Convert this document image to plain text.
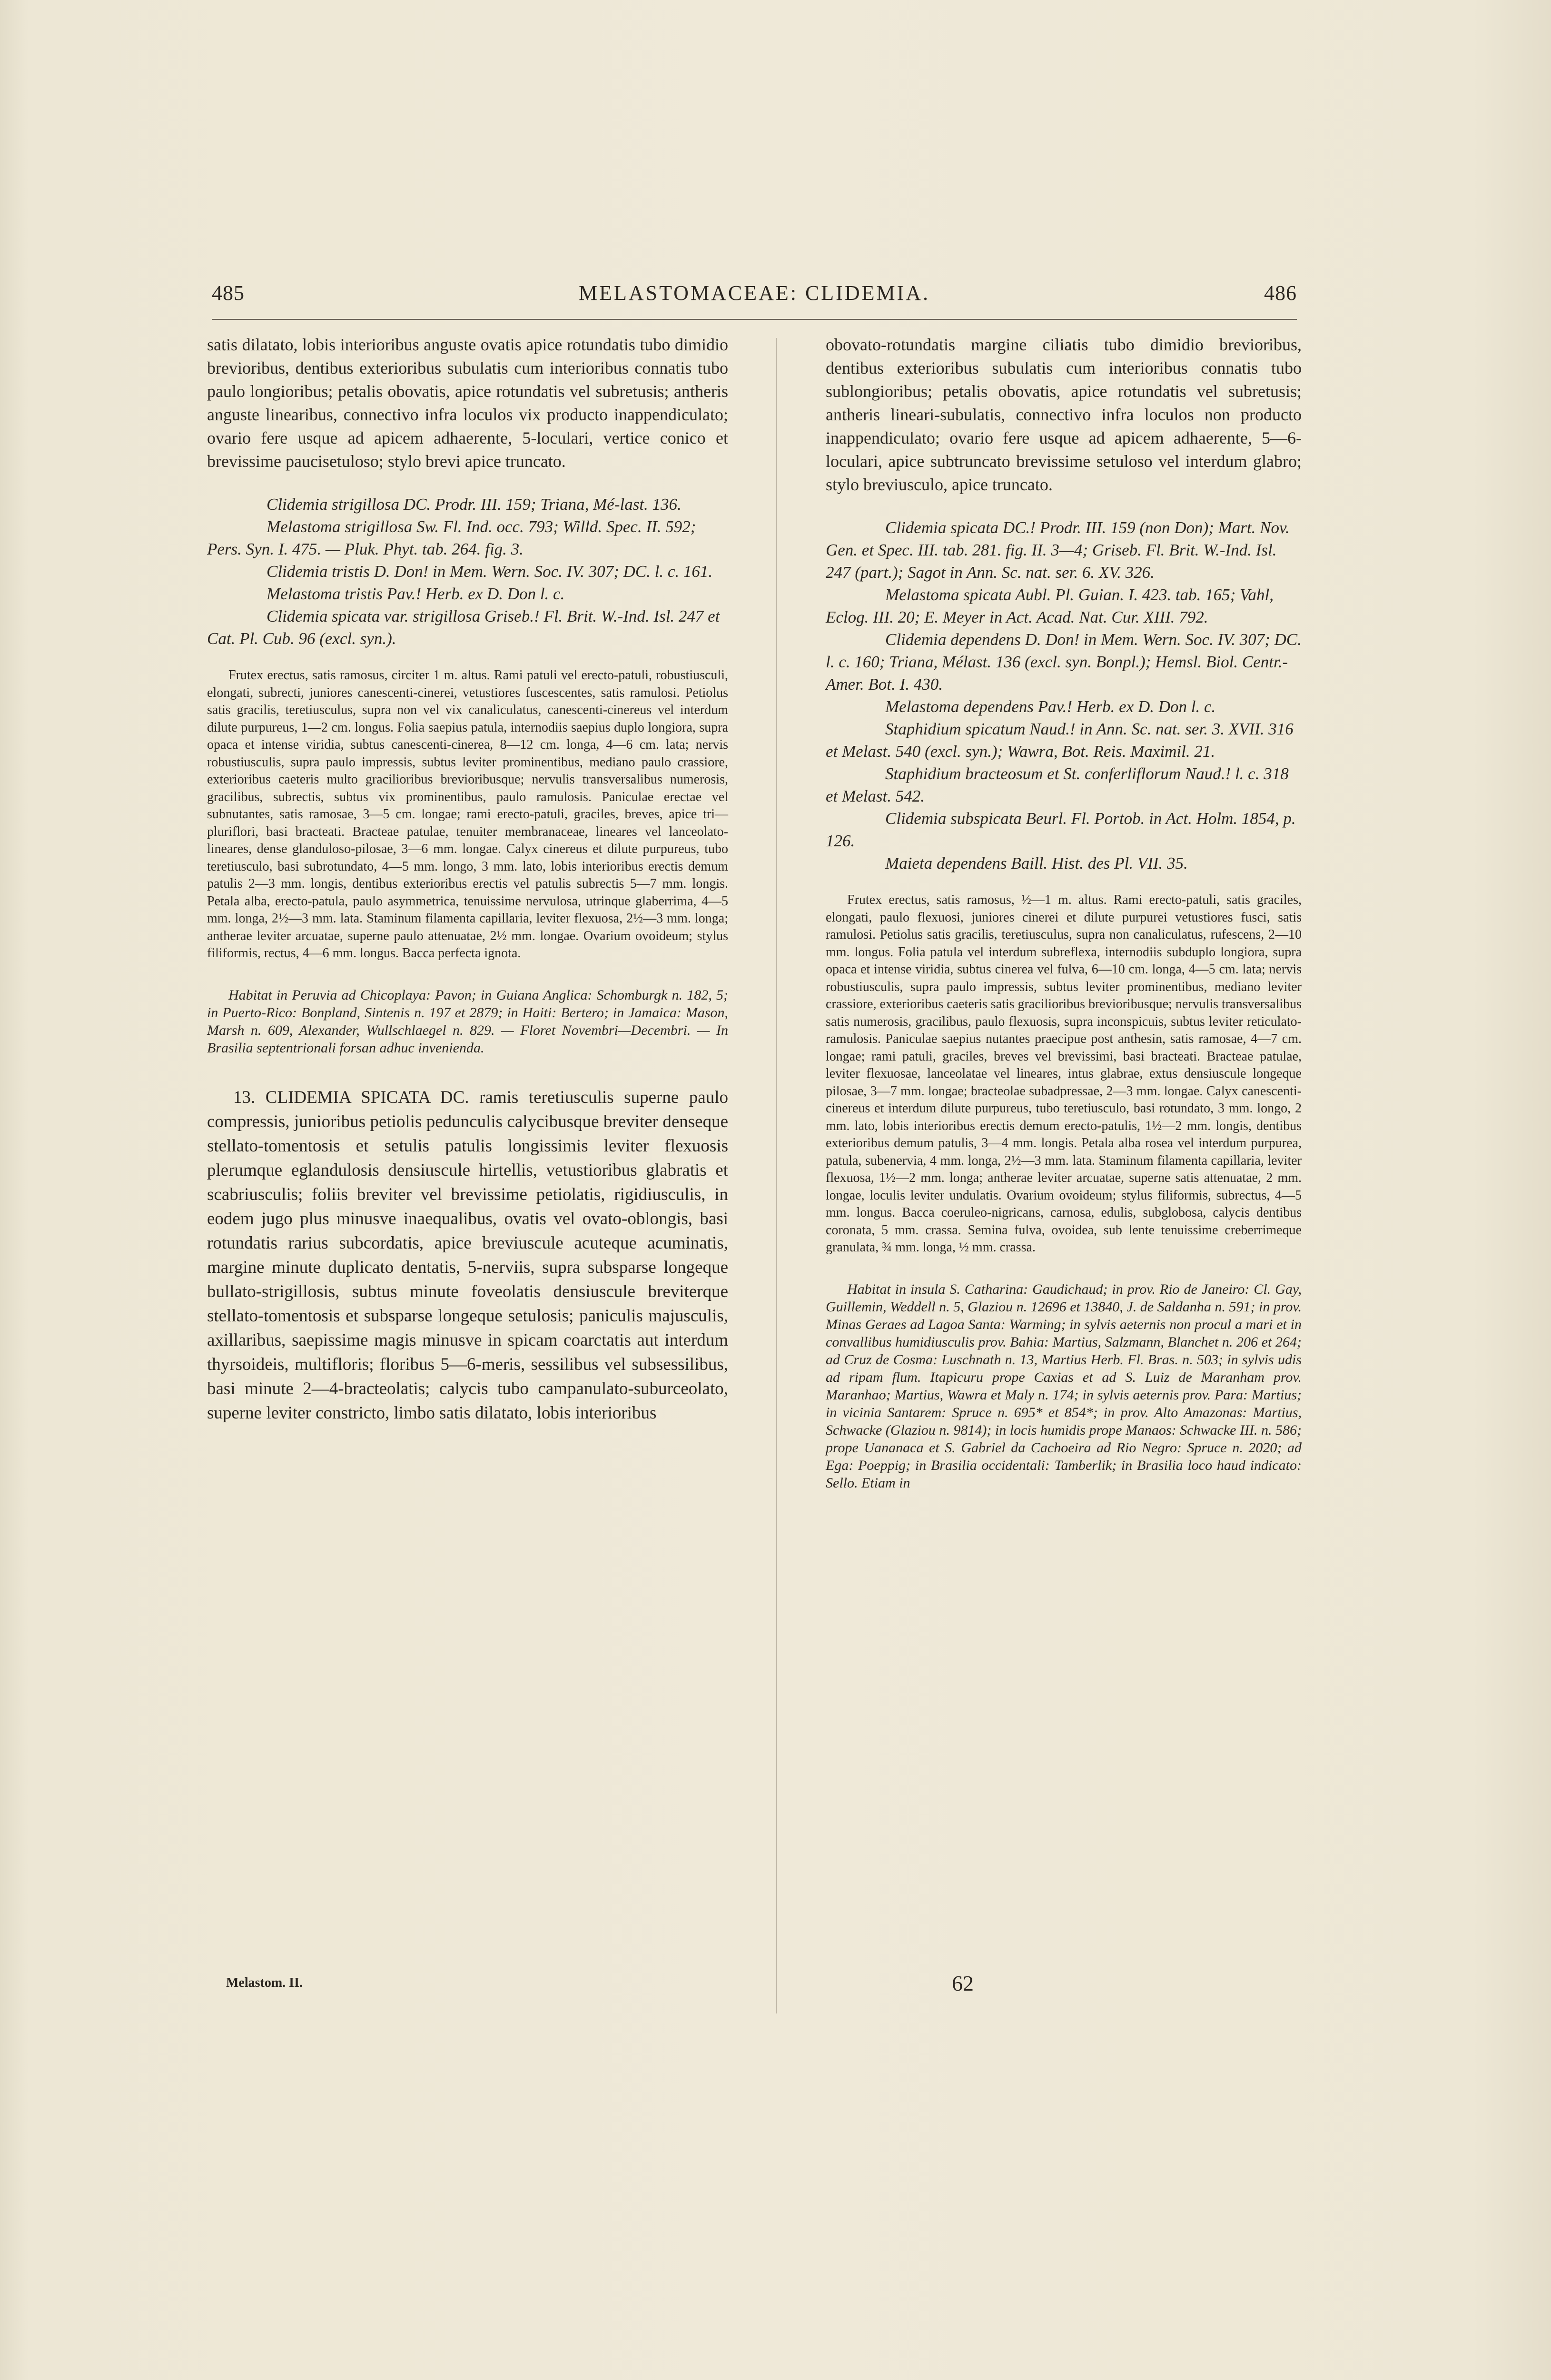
485	MELASTOMACEAE: CLIDEMIA.	486

satis dilatato, lobis interioribus anguste ovatis apice rotundatis tubo dimidio brevioribus, dentibus exterioribus subulatis cum interioribus connatis tubo paulo longioribus; petalis obovatis, apice rotundatis vel subretusis; antheris anguste linearibus, connectivo infra loculos vix producto inappendiculato; ovario fere usque ad apicem adhaerente, 5-loculari, vertice conico et brevissime paucisetuloso; stylo brevi apice truncato.

Clidemia strigillosa DC. Prodr. III. 159; Triana, Mé-last. 136.

Melastoma strigillosa Sw. Fl. Ind. occ. 793; Willd. Spec. II. 592; Pers. Syn. I. 475. — Pluk. Phyt. tab. 264. fig. 3.

Clidemia tristis D. Don! in Mem. Wern. Soc. IV. 307; DC. l. c. 161.

Melastoma tristis Pav.! Herb. ex D. Don l. c.

Clidemia spicata var. strigillosa Griseb.! Fl. Brit. W.-Ind. Isl. 247 et Cat. Pl. Cub. 96 (excl. syn.).

Frutex erectus, satis ramosus, circiter 1 m. altus. Rami patuli vel erecto-patuli, robustiusculi, elongati, subrecti, juniores canescenti-cinerei, vetustiores fuscescentes, satis ramulosi. Petiolus satis gracilis, teretiusculus, supra non vel vix canaliculatus, canescenti-cinereus vel interdum dilute purpureus, 1—2 cm. longus. Folia saepius patula, internodiis saepius duplo longiora, supra opaca et intense viridia, subtus canescenti-cinerea, 8—12 cm. longa, 4—6 cm. lata; nervis robustiusculis, supra paulo impressis, subtus leviter prominentibus, mediano paulo crassiore, exterioribus caeteris multo gracilioribus brevioribusque; nervulis transversalibus numerosis, gracilibus, subrectis, subtus vix prominentibus, paulo ramulosis. Paniculae erectae vel subnutantes, satis ramosae, 3—5 cm. longae; rami erecto-patuli, graciles, breves, apice tri—pluriflori, basi bracteati. Bracteae patulae, tenuiter membranaceae, lineares vel lanceolato-lineares, dense glanduloso-pilosae, 3—6 mm. longae. Calyx cinereus et dilute purpureus, tubo teretiusculo, basi subrotundato, 4—5 mm. longo, 3 mm. lato, lobis interioribus erectis demum patulis 2—3 mm. longis, dentibus exterioribus erectis vel patulis subrectis 5—7 mm. longis. Petala alba, erecto-patula, paulo asymmetrica, tenuissime nervulosa, utrinque glaberrima, 4—5 mm. longa, 2½—3 mm. lata. Staminum filamenta capillaria, leviter flexuosa, 2½—3 mm. longa; antherae leviter arcuatae, superne paulo attenuatae, 2½ mm. longae. Ovarium ovoideum; stylus filiformis, rectus, 4—6 mm. longus. Bacca perfecta ignota.

Habitat in Peruvia ad Chicoplaya: Pavon; in Guiana Anglica: Schomburgk n. 182, 5; in Puerto-Rico: Bonpland, Sintenis n. 197 et 2879; in Haiti: Bertero; in Jamaica: Mason, Marsh n. 609, Alexander, Wullschlaegel n. 829. — Floret Novembri—Decembri. — In Brasilia septentrionali forsan adhuc invenienda.

13. CLIDEMIA SPICATA DC. ramis teretiusculis superne paulo compressis, junioribus petiolis pedunculis calycibusque breviter denseque stellato-tomentosis et setulis patulis longissimis leviter flexuosis plerumque eglandulosis densiuscule hirtellis, vetustioribus glabratis et scabriusculis; foliis breviter vel brevissime petiolatis, rigidiusculis, in eodem jugo plus minusve inaequalibus, ovatis vel ovato-oblongis, basi rotundatis rarius subcordatis, apice breviuscule acuteque acuminatis, margine minute duplicato dentatis, 5-nerviis, supra subsparse longeque bullato-strigillosis, subtus minute foveolatis densiuscule breviterque stellato-tomentosis et subsparse longeque setulosis; paniculis majusculis, axillaribus, saepissime magis minusve in spicam coarctatis aut interdum thyrsoideis, multifloris; floribus 5—6-meris, sessilibus vel subsessilibus, basi minute 2—4-bracteolatis; calycis tubo campanulato-suburceolato, superne leviter constricto, limbo satis dilatato, lobis interioribus

obovato-rotundatis margine ciliatis tubo dimidio brevioribus, dentibus exterioribus subulatis cum interioribus connatis tubo sublongioribus; petalis obovatis, apice rotundatis vel subretusis; antheris lineari-subulatis, connectivo infra loculos non producto inappendiculato; ovario fere usque ad apicem adhaerente, 5—6-loculari, apice subtruncato brevissime setuloso vel interdum glabro; stylo breviusculo, apice truncato.

Clidemia spicata DC.! Prodr. III. 159 (non Don); Mart. Nov. Gen. et Spec. III. tab. 281. fig. II. 3—4; Griseb. Fl. Brit. W.-Ind. Isl. 247 (part.); Sagot in Ann. Sc. nat. ser. 6. XV. 326.

Melastoma spicata Aubl. Pl. Guian. I. 423. tab. 165; Vahl, Eclog. III. 20; E. Meyer in Act. Acad. Nat. Cur. XIII. 792.

Clidemia dependens D. Don! in Mem. Wern. Soc. IV. 307; DC. l. c. 160; Triana, Mélast. 136 (excl. syn. Bonpl.); Hemsl. Biol. Centr.-Amer. Bot. I. 430.

Melastoma dependens Pav.! Herb. ex D. Don l. c.

Staphidium spicatum Naud.! in Ann. Sc. nat. ser. 3. XVII. 316 et Melast. 540 (excl. syn.); Wawra, Bot. Reis. Maximil. 21.

Staphidium bracteosum et St. conferliflorum Naud.! l. c. 318 et Melast. 542.

Clidemia subspicata Beurl. Fl. Portob. in Act. Holm. 1854, p. 126.

Maieta dependens Baill. Hist. des Pl. VII. 35.

Frutex erectus, satis ramosus, ½—1 m. altus. Rami erecto-patuli, satis graciles, elongati, paulo flexuosi, juniores cinerei et dilute purpurei vetustiores fusci, satis ramulosi. Petiolus satis gracilis, teretiusculus, supra non canaliculatus, rufescens, 2—10 mm. longus. Folia patula vel interdum subreflexa, internodiis subduplo longiora, supra opaca et intense viridia, subtus cinerea vel fulva, 6—10 cm. longa, 4—5 cm. lata; nervis robustiusculis, supra paulo impressis, subtus leviter prominentibus, mediano leviter crassiore, exterioribus caeteris satis gracilioribus brevioribusque; nervulis transversalibus satis numerosis, gracilibus, paulo flexuosis, supra inconspicuis, subtus leviter reticulato-ramulosis. Paniculae saepius nutantes praecipue post anthesin, satis ramosae, 4—7 cm. longae; rami patuli, graciles, breves vel brevissimi, basi bracteati. Bracteae patulae, leviter flexuosae, lanceolatae vel lineares, intus glabrae, extus densiuscule longeque pilosae, 3—7 mm. longae; bracteolae subadpressae, 2—3 mm. longae. Calyx canescenti-cinereus et interdum dilute purpureus, tubo teretiusculo, basi rotundato, 3 mm. longo, 2 mm. lato, lobis interioribus erectis demum erecto-patulis, 1½—2 mm. longis, dentibus exterioribus demum patulis, 3—4 mm. longis. Petala alba rosea vel interdum purpurea, patula, subenervia, 4 mm. longa, 2½—3 mm. lata. Staminum filamenta capillaria, leviter flexuosa, 1½—2 mm. longa; antherae leviter arcuatae, superne satis attenuatae, 2 mm. longae, loculis leviter undulatis. Ovarium ovoideum; stylus filiformis, subrectus, 4—5 mm. longus. Bacca coeruleo-nigricans, carnosa, edulis, subglobosa, calycis dentibus coronata, 5 mm. crassa. Semina fulva, ovoidea, sub lente tenuissime creberrimeque granulata, ¾ mm. longa, ½ mm. crassa.

Habitat in insula S. Catharina: Gaudichaud; in prov. Rio de Janeiro: Cl. Gay, Guillemin, Weddell n. 5, Glaziou n. 12696 et 13840, J. de Saldanha n. 591; in prov. Minas Geraes ad Lagoa Santa: Warming; in sylvis aeternis non procul a mari et in convallibus humidiusculis prov. Bahia: Martius, Salzmann, Blanchet n. 206 et 264; ad Cruz de Cosma: Luschnath n. 13, Martius Herb. Fl. Bras. n. 503; in sylvis udis ad ripam flum. Itapicuru prope Caxias et ad S. Luiz de Maranham prov. Maranhao; Martius, Wawra et Maly n. 174; in sylvis aeternis prov. Para: Martius; in vicinia Santarem: Spruce n. 695* et 854*; in prov. Alto Amazonas: Martius, Schwacke (Glaziou n. 9814); in locis humidis prope Manaos: Schwacke III. n. 586; prope Uananaca et S. Gabriel da Cachoeira ad Rio Negro: Spruce n. 2020; ad Ega: Poeppig; in Brasilia occidentali: Tamberlik; in Brasilia loco haud indicato: Sello. Etiam in

Melastom. II.	62
